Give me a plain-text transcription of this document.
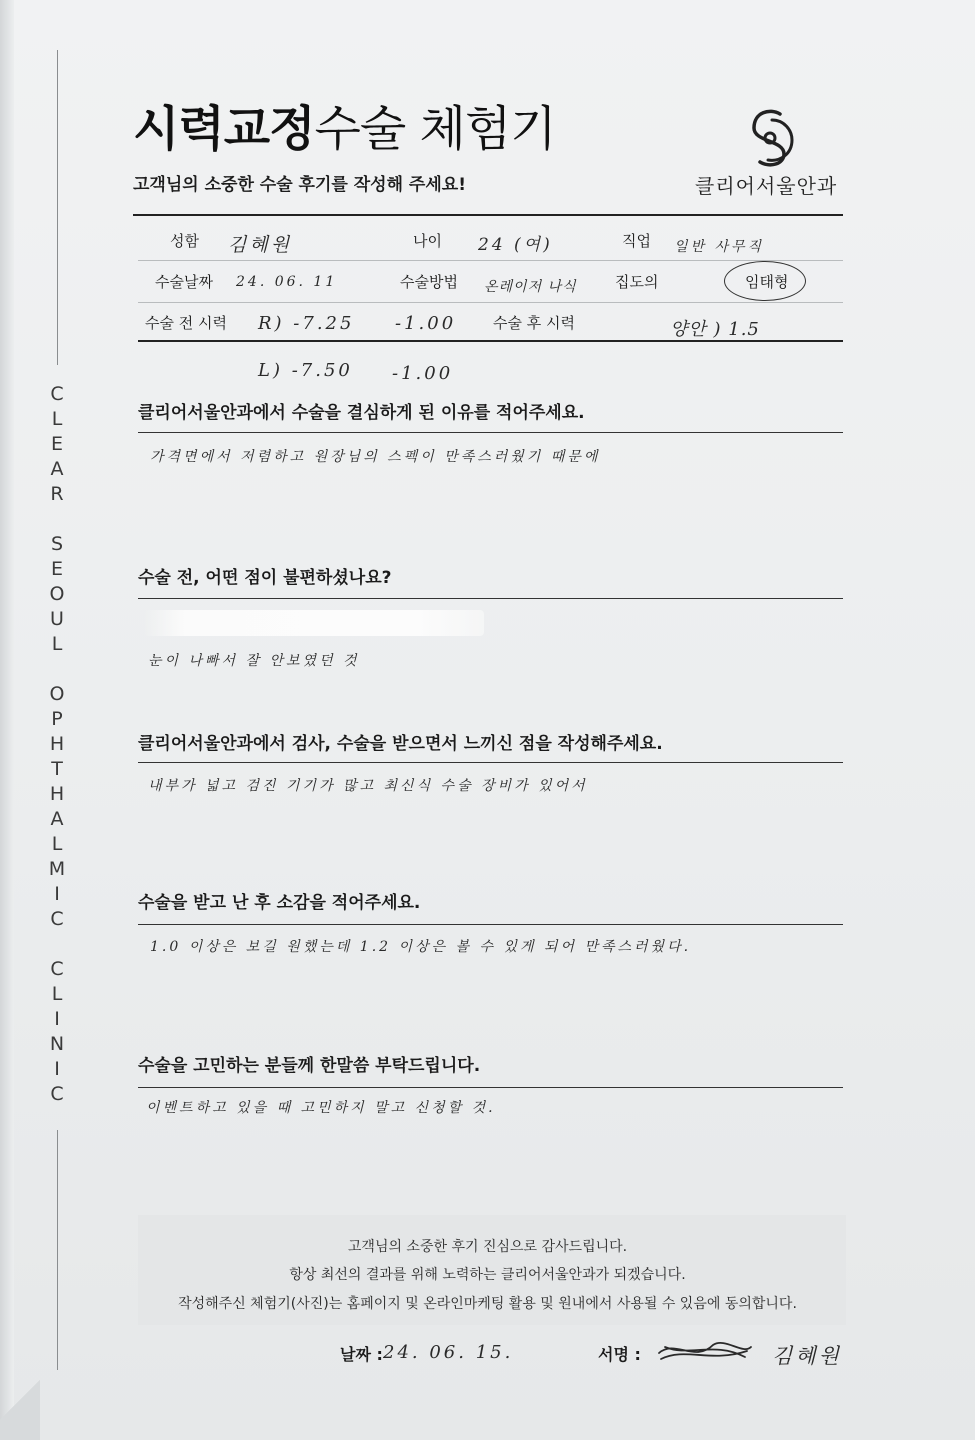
시력교정수술 체험기
고객님의 소중한 수술 후기를 작성해 주세요!	클리어서울안과
성함 김혜원	나이 24 (여)	직업 일반 사무직
수술날짜 24. 06. 11	수술방법 온레이저 나식	집도의	임태형
수술 전 시력 R) -7.25 -1.00 수술 후 시력	양안 ) 1.5
L) -7.50 -1.00
클리어서울안과에서 수술을 결심하게 된 이유를 적어주세요.
가격면에서 저렴하고 원장님의 스펙이 만족스러웠기 때문에
수술 전, 어떤 점이 불편하셨나요?
눈이 나빠서 잘 안보였던 것
클리어서울안과에서 검사, 수술을 받으면서 느끼신 점을 작성해주세요.
내부가 넓고 검진 기기가 많고 최신식 수술 장비가 있어서
수술을 받고 난 후 소감을 적어주세요.
1.0 이상은 보길 원했는데 1.2 이상은 볼 수 있게 되어 만족스러웠다.
수술을 고민하는 분들께 한말씀 부탁드립니다.
이벤트하고 있을 때 고민하지 말고 신청할 것.
C
L
E
A
R

S
E
O
U
L

O
P
H
T
H
A
L
M
I
C

C
L
I
N
I
C
고객님의 소중한 후기 진심으로 감사드립니다.
항상 최선의 결과를 위해 노력하는 클리어서울안과가 되겠습니다.
작성해주신 체험기(사진)는 홈페이지 및 온라인마케팅 활용 및 원내에서 사용될 수 있음에 동의합니다.
날짜 : 24. 06. 15.	서명 :	김혜원
